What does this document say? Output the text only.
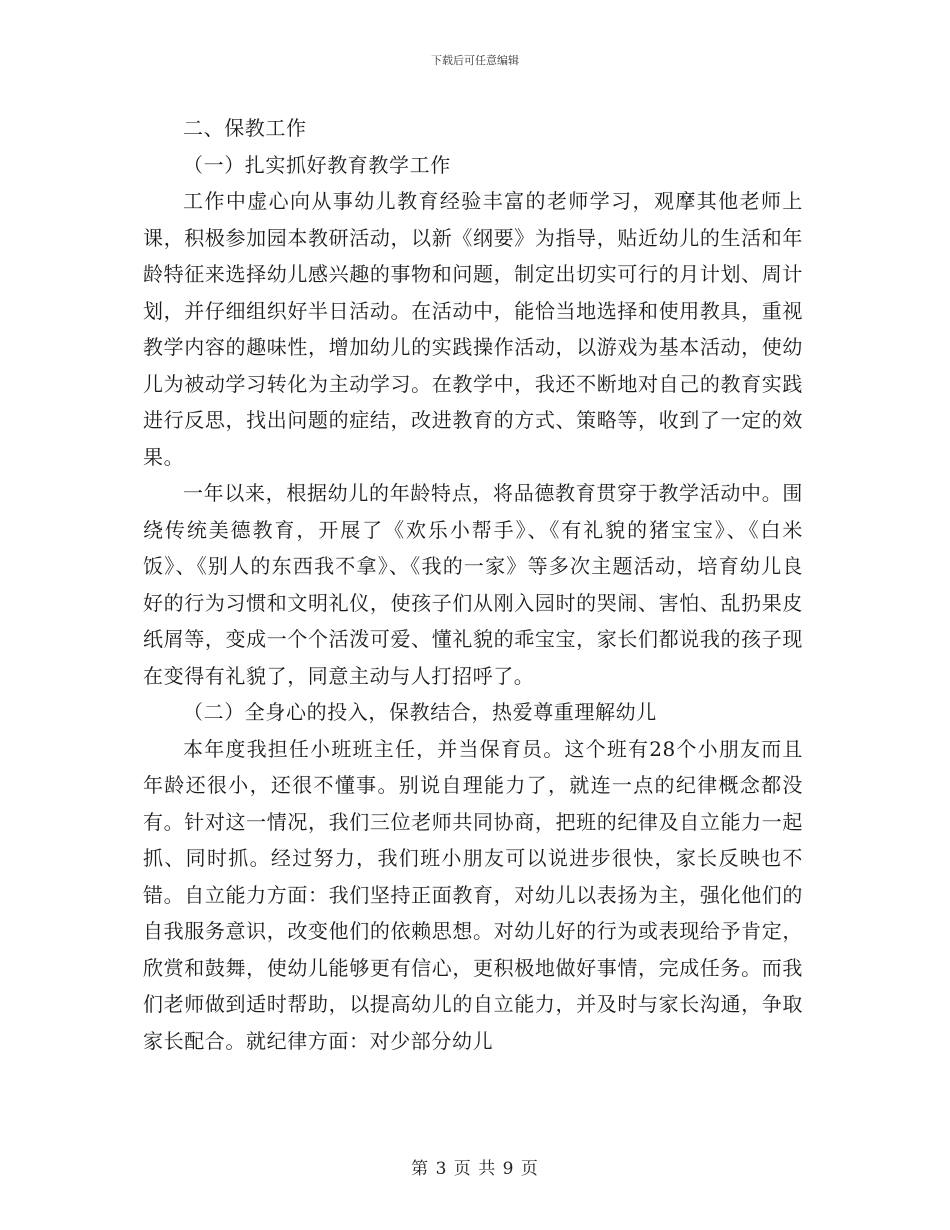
下载后可任意编辑

二、保教工作

（一）扎实抓好教育教学工作

工作中虚心向从事幼儿教育经验丰富的老师学习，观摩其他老师上课，积极参加园本教研活动，以新《纲要》为指导，贴近幼儿的生活和年龄特征来选择幼儿感兴趣的事物和问题，制定出切实可行的月计划、周计划，并仔细组织好半日活动。在活动中，能恰当地选择和使用教具，重视教学内容的趣味性，增加幼儿的实践操作活动，以游戏为基本活动，使幼儿为被动学习转化为主动学习。在教学中，我还不断地对自己的教育实践进行反思，找出问题的症结，改进教育的方式、策略等，收到了一定的效果。

一年以来，根据幼儿的年龄特点，将品德教育贯穿于教学活动中。围绕传统美德教育，开展了《欢乐小帮手》、《有礼貌的猪宝宝》、《白米饭》、《别人的东西我不拿》、《我的一家》等多次主题活动，培育幼儿良好的行为习惯和文明礼仪，使孩子们从刚入园时的哭闹、害怕、乱扔果皮纸屑等，变成一个个活泼可爱、懂礼貌的乖宝宝，家长们都说我的孩子现在变得有礼貌了，同意主动与人打招呼了。

（二）全身心的投入，保教结合，热爱尊重理解幼儿

本年度我担任小班班主任，并当保育员。这个班有28个小朋友而且年龄还很小，还很不懂事。别说自理能力了，就连一点的纪律概念都没有。针对这一情况，我们三位老师共同协商，把班的纪律及自立能力一起抓、同时抓。经过努力，我们班小朋友可以说进步很快，家长反映也不错。自立能力方面：我们坚持正面教育，对幼儿以表扬为主，强化他们的自我服务意识，改变他们的依赖思想。对幼儿好的行为或表现给予肯定，欣赏和鼓舞，使幼儿能够更有信心，更积极地做好事情，完成任务。而我们老师做到适时帮助，以提高幼儿的自立能力，并及时与家长沟通，争取家长配合。就纪律方面：对少部分幼儿

第 3 页 共 9 页
